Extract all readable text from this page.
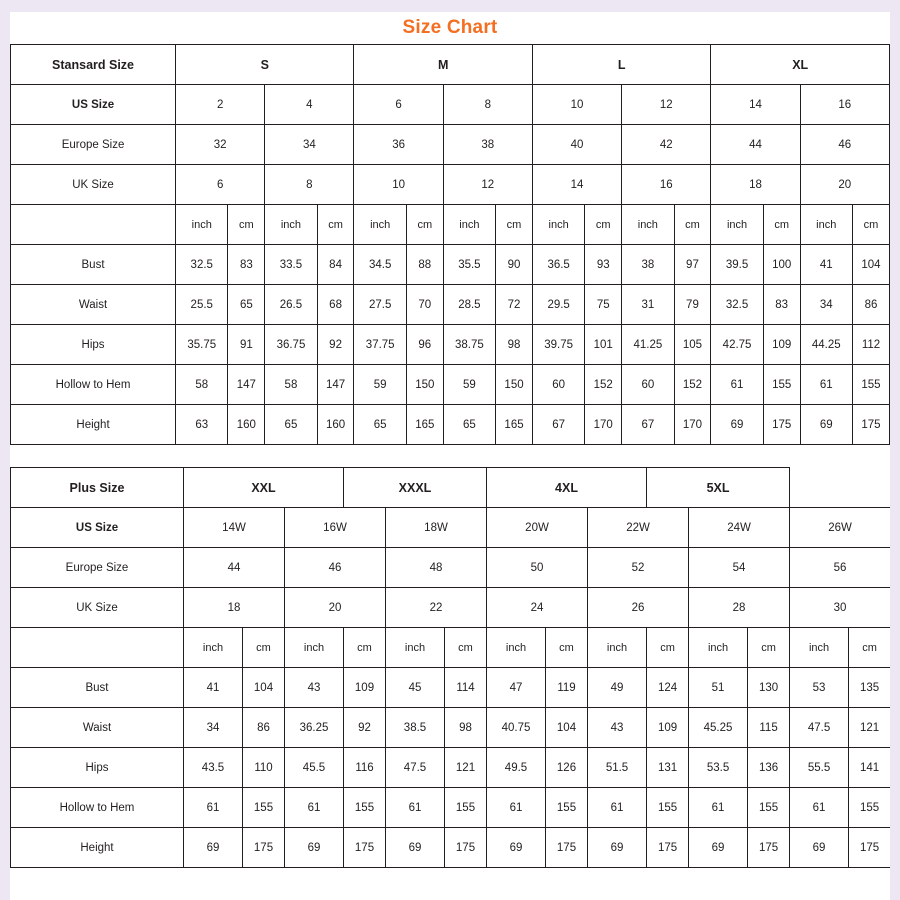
Size Chart
Stansard Size	S				M				L				XL			
US Size	2		4		6		8		10		12		14		16	
Europe Size	32		34		36		38		40		42		44		46	
UK Size	6		8		10		12		14		16		18		20	
	inch	cm	inch	cm	inch	cm	inch	cm	inch	cm	inch	cm	inch	cm	inch	cm
Bust	32.5	83	33.5	84	34.5	88	35.5	90	36.5	93	38	97	39.5	100	41	104
Waist	25.5	65	26.5	68	27.5	70	28.5	72	29.5	75	31	79	32.5	83	34	86
Hips	35.75	91	36.75	92	37.75	96	38.75	98	39.75	101	41.25	105	42.75	109	44.25	112
Hollow to Hem	58	147	58	147	59	150	59	150	60	152	60	152	61	155	61	155
Height	63	160	65	160	65	165	65	165	67	170	67	170	69	175	69	175
Plus Size	XXL			XXXL			4XL			5XL				
US Size	14W		16W		18W		20W		22W		24W		26W	
Europe Size	44		46		48		50		52		54		56	
UK Size	18		20		22		24		26		28		30	
	inch	cm	inch	cm	inch	cm	inch	cm	inch	cm	inch	cm	inch	cm
Bust	41	104	43	109	45	114	47	119	49	124	51	130	53	135
Waist	34	86	36.25	92	38.5	98	40.75	104	43	109	45.25	115	47.5	121
Hips	43.5	110	45.5	116	47.5	121	49.5	126	51.5	131	53.5	136	55.5	141
Hollow to Hem	61	155	61	155	61	155	61	155	61	155	61	155	61	155
Height	69	175	69	175	69	175	69	175	69	175	69	175	69	175
